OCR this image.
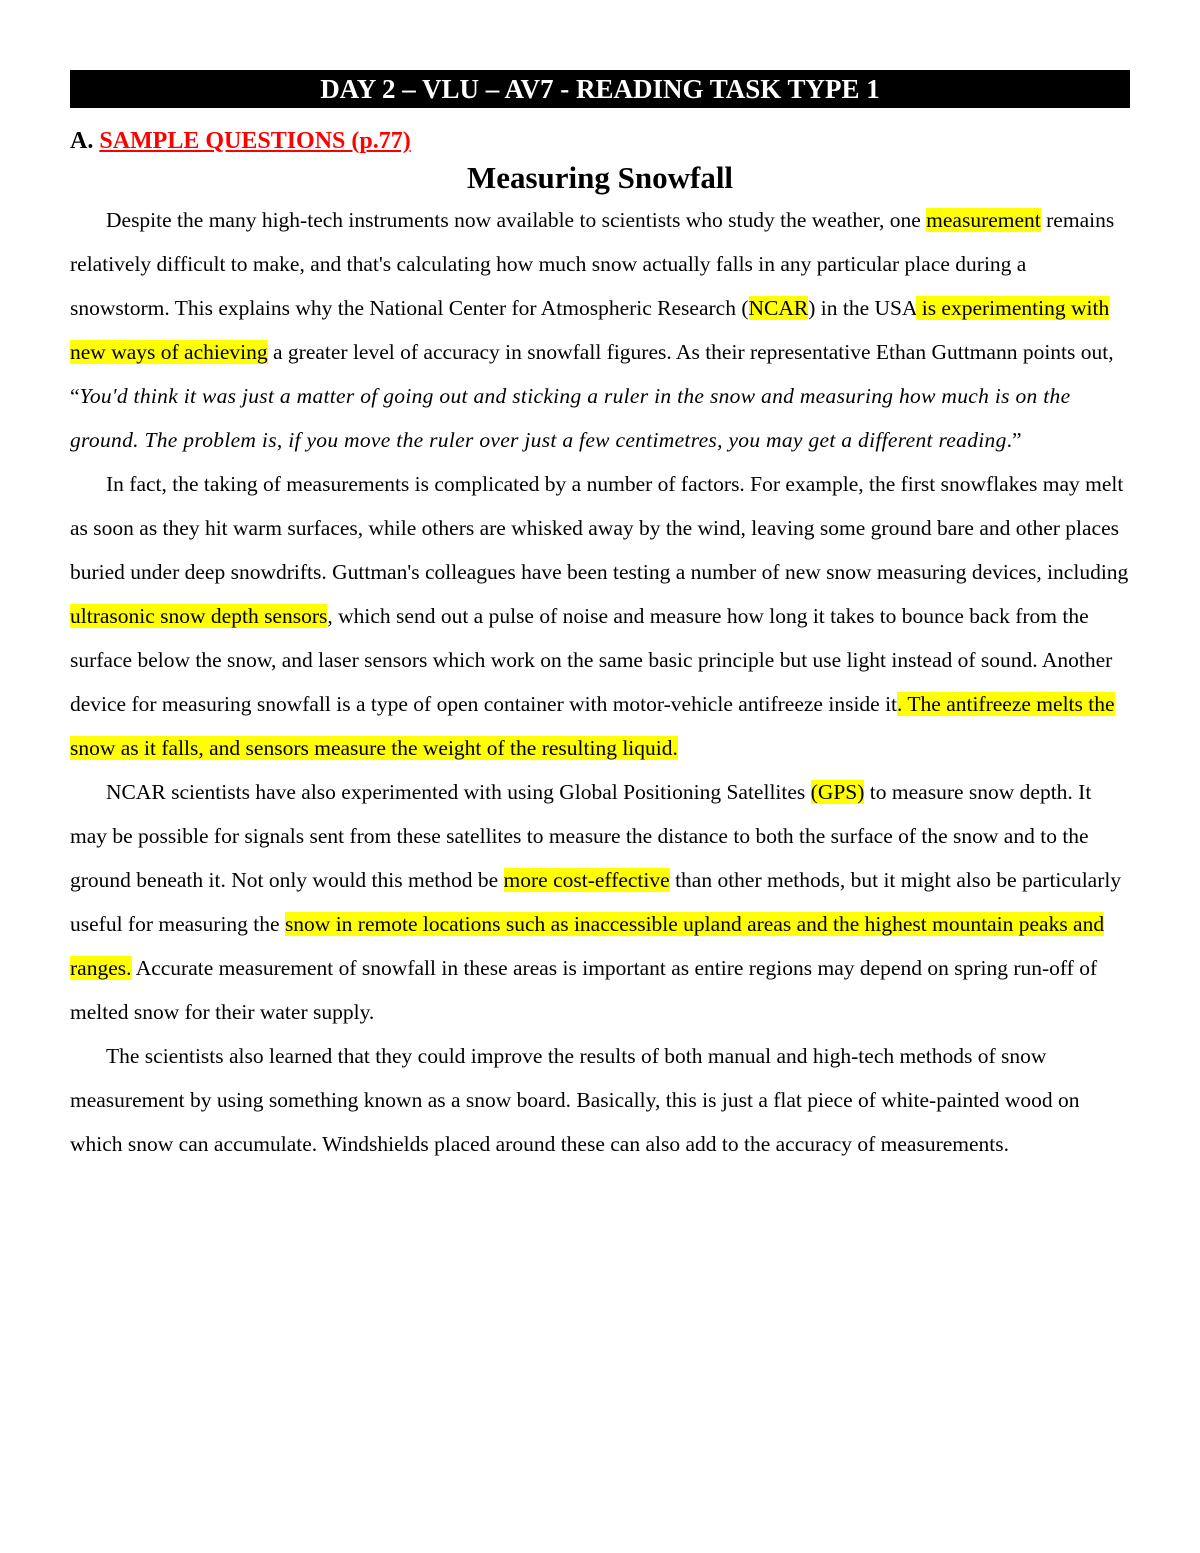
DAY 2 – VLU – AV7 - READING TASK TYPE 1
A. SAMPLE QUESTIONS (p.77)
Measuring Snowfall

Despite the many high-tech instruments now available to scientists who study the weather, one measurement remains relatively difficult to make, and that's calculating how much snow actually falls in any particular place during a snowstorm. This explains why the National Center for Atmospheric Research (NCAR) in the USA is experimenting with new ways of achieving a greater level of accuracy in snowfall figures. As their representative Ethan Guttmann points out, “You'd think it was just a matter of going out and sticking a ruler in the snow and measuring how much is on the ground. The problem is, if you move the ruler over just a few centimetres, you may get a different reading.”

In fact, the taking of measurements is complicated by a number of factors. For example, the first snowflakes may melt as soon as they hit warm surfaces, while others are whisked away by the wind, leaving some ground bare and other places buried under deep snowdrifts. Guttman's colleagues have been testing a number of new snow measuring devices, including ultrasonic snow depth sensors, which send out a pulse of noise and measure how long it takes to bounce back from the surface below the snow, and laser sensors which work on the same basic principle but use light instead of sound. Another device for measuring snowfall is a type of open container with motor-vehicle antifreeze inside it. The antifreeze melts the snow as it falls, and sensors measure the weight of the resulting liquid.

NCAR scientists have also experimented with using Global Positioning Satellites (GPS) to measure snow depth. It may be possible for signals sent from these satellites to measure the distance to both the surface of the snow and to the ground beneath it. Not only would this method be more cost-effective than other methods, but it might also be particularly useful for measuring the snow in remote locations such as inaccessible upland areas and the highest mountain peaks and ranges. Accurate measurement of snowfall in these areas is important as entire regions may depend on spring run-off of melted snow for their water supply.

The scientists also learned that they could improve the results of both manual and high-tech methods of snow measurement by using something known as a snow board. Basically, this is just a flat piece of white-painted wood on which snow can accumulate. Windshields placed around these can also add to the accuracy of measurements.
